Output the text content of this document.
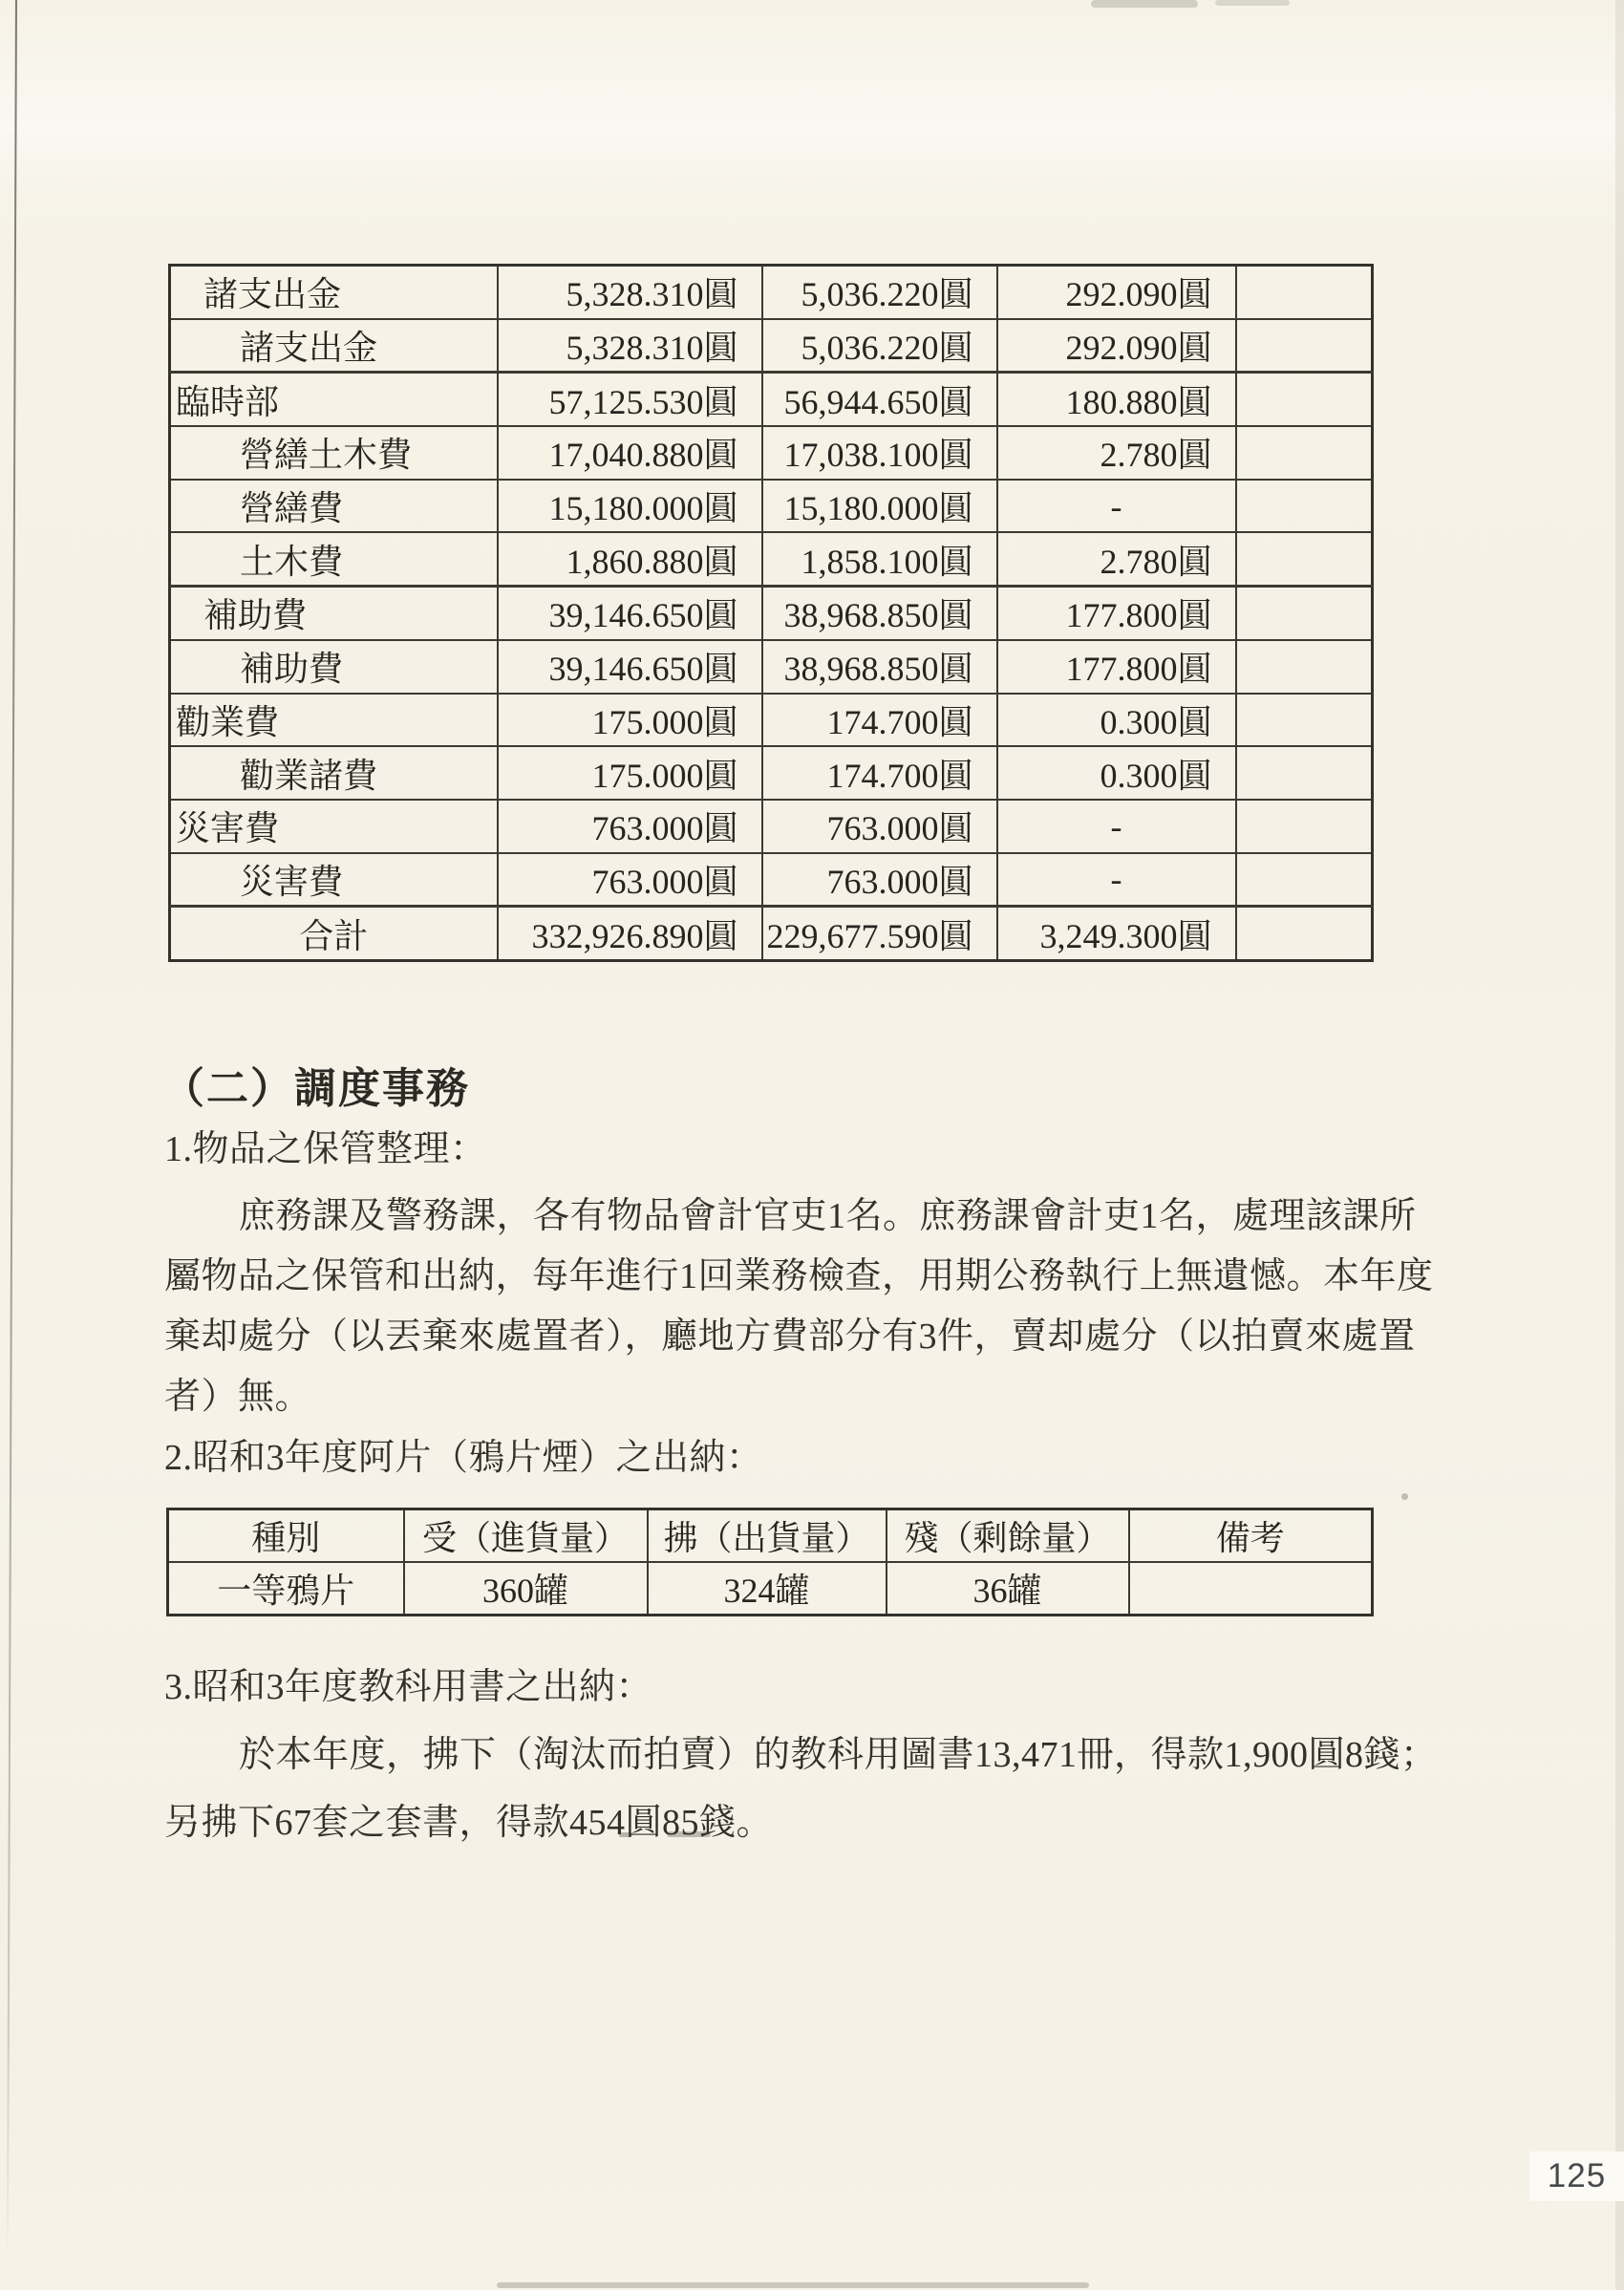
諸支出金	5,328.310圓	5,036.220圓	292.090圓	
諸支出金	5,328.310圓	5,036.220圓	292.090圓	
臨時部	57,125.530圓	56,944.650圓	180.880圓	
營繕土木費	17,040.880圓	17,038.100圓	2.780圓	
營繕費	15,180.000圓	15,180.000圓	-	
土木費	1,860.880圓	1,858.100圓	2.780圓	
補助費	39,146.650圓	38,968.850圓	177.800圓	
補助費	39,146.650圓	38,968.850圓	177.800圓	
勸業費	175.000圓	174.700圓	0.300圓	
勸業諸費	175.000圓	174.700圓	0.300圓	
災害費	763.000圓	763.000圓	-	
災害費	763.000圓	763.000圓	-	
合計	332,926.890圓	229,677.590圓	3,249.300圓	
（二）調度事務
1.物品之保管整理：
庶務課及警務課，各有物品會計官吏1名。庶務課會計吏1名，處理該課所
屬物品之保管和出納，每年進行1回業務檢查，用期公務執行上無遺憾。本年度
棄却處分（以丟棄來處置者），廳地方費部分有3件，賣却處分（以拍賣來處置
者）無。
2.昭和3年度阿片（鴉片煙）之出納：
種別	受（進貨量）	拂（出貨量）	殘（剩餘量）	備考
一等鴉片	360罐	324罐	36罐	
3.昭和3年度教科用書之出納：
於本年度，拂下（淘汰而拍賣）的教科用圖書13,471冊，得款1,900圓8錢；
另拂下67套之套書，得款454圓85錢。
125
